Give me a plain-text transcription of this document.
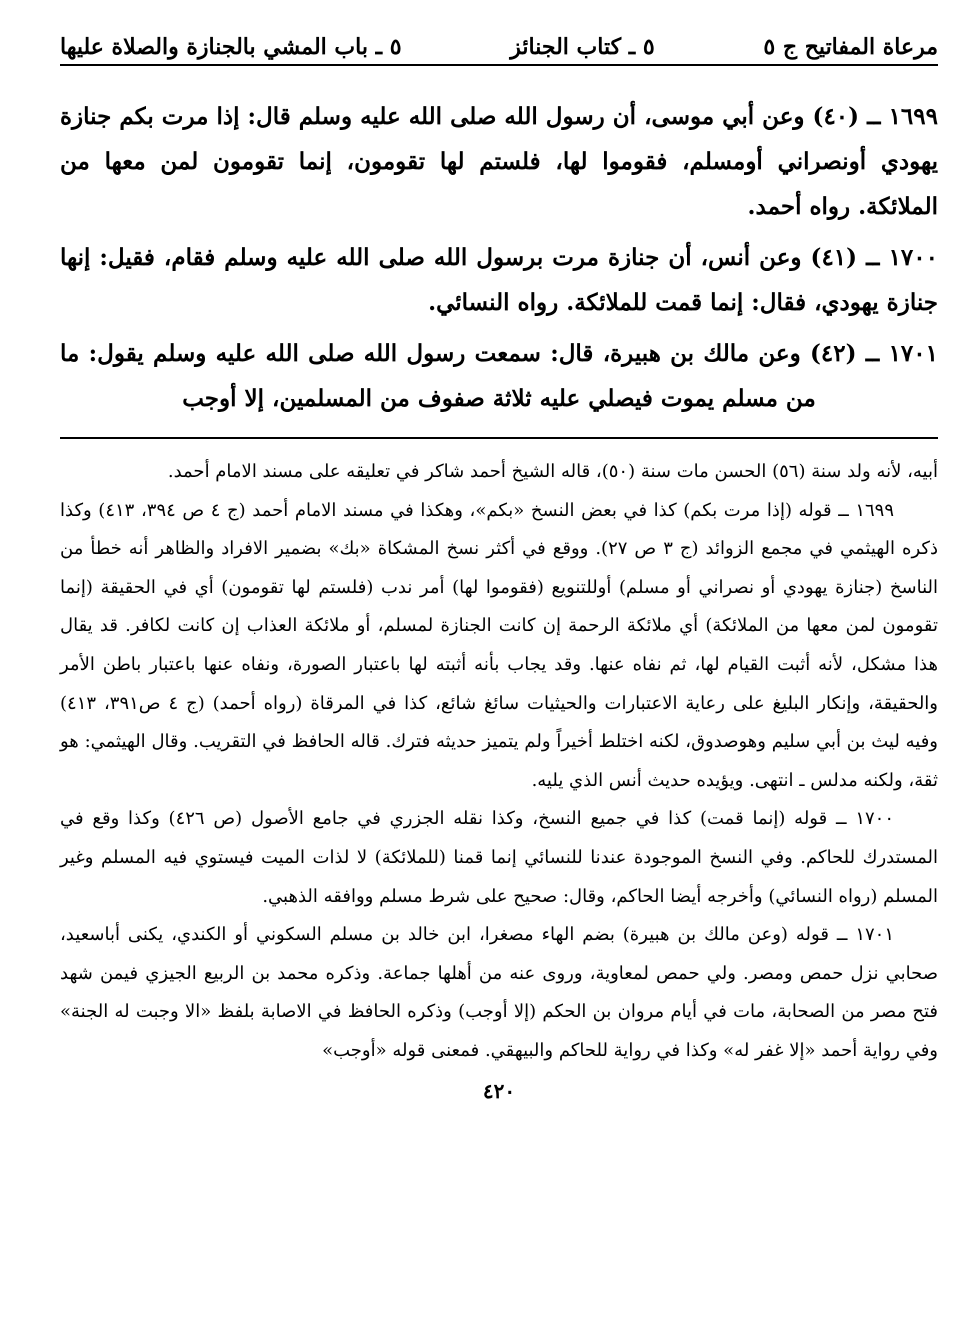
مرعاة المفاتيح ج ٥
٥ ـ كتاب الجنائز
٥ ـ باب المشي بالجنازة والصلاة عليها

١٦٩٩ ــ (٤٠) وعن أبي موسى، أن رسول الله صلى الله عليه وسلم قال: إذا مرت بكم جنازة يهودي أونصراني أومسلم، فقوموا لها، فلستم لها تقومون، إنما تقومون لمن معها من الملائكة. رواه أحمد.

١٧٠٠ ــ (٤١) وعن أنس، أن جنازة مرت برسول الله صلى الله عليه وسلم فقام، فقيل: إنها جنازة يهودي، فقال: إنما قمت للملائكة. رواه النسائي.

١٧٠١ ــ (٤٢) وعن مالك بن هبيرة، قال: سمعت رسول الله صلى الله عليه وسلم يقول: ما من مسلم يموت فيصلي عليه ثلاثة صفوف من المسلمين، إلا أوجب

أبيه، لأنه ولد سنة (٥٦) الحسن مات سنة (٥٠)، قاله الشيخ أحمد شاكر في تعليقه على مسند الامام أحمد.

١٦٩٩ ــ قوله (إذا مرت بكم) كذا في بعض النسخ «بكم»، وهكذا في مسند الامام أحمد (ج ٤ ص ٣٩٤، ٤١٣) وكذا ذكره الهيثمي في مجمع الزوائد (ج ٣ ص ٢٧). ووقع في أكثر نسخ المشكاة «بك» بضمير الافراد والظاهر أنه خطأ من الناسخ (جنازة يهودي أو نصراني أو مسلم) أوللتنويع (فقوموا لها) أمر ندب (فلستم لها تقومون) أي في الحقيقة (إنما تقومون لمن معها من الملائكة) أي ملائكة الرحمة إن كانت الجنازة لمسلم، أو ملائكة العذاب إن كانت لكافر. قد يقال هذا مشكل، لأنه أثبت القيام لها، ثم نفاه عنها. وقد يجاب بأنه أثبته لها باعتبار الصورة، ونفاه عنها باعتبار باطن الأمر والحقيقة، وإنكار البليغ على رعاية الاعتبارات والحيثيات سائغ شائع، كذا في المرقاة (رواه أحمد) (ج ٤ ص٣٩١، ٤١٣) وفيه ليث بن أبي سليم وهوصدوق، لكنه اختلط أخيراً ولم يتميز حديثه فترك. قاله الحافظ في التقريب. وقال الهيثمي: هو ثقة، ولكنه مدلس ـ انتهى. ويؤيده حديث أنس الذي يليه.

١٧٠٠ ــ قوله (إنما قمت) كذا في جميع النسخ، وكذا نقله الجزري في جامع الأصول (ص ٤٢٦) وكذا وقع في المستدرك للحاكم. وفي النسخ الموجودة عندنا للنسائي إنما قمنا (للملائكة) لا لذات الميت فيستوي فيه المسلم وغير المسلم (رواه النسائي) وأخرجه أيضا الحاكم، وقال: صحيح على شرط مسلم ووافقه الذهبي.

١٧٠١ ــ قوله (وعن مالك بن هبيرة) بضم الهاء مصغرا، ابن خالد بن مسلم السكوني أو الكندي، يكنى أباسعيد، صحابي نزل حمص ومصر. ولي حمص لمعاوية، وروى عنه من أهلها جماعة. وذكره محمد بن الربيع الجيزي فيمن شهد فتح مصر من الصحابة، مات في أيام مروان بن الحكم (إلا أوجب) وذكره الحافظ في الاصابة بلفظ «الا وجبت له الجنة» وفي رواية أحمد «إلا غفر له» وكذا في رواية للحاكم والبيهقي. فمعنى قوله «أوجب»

٤٢٠
